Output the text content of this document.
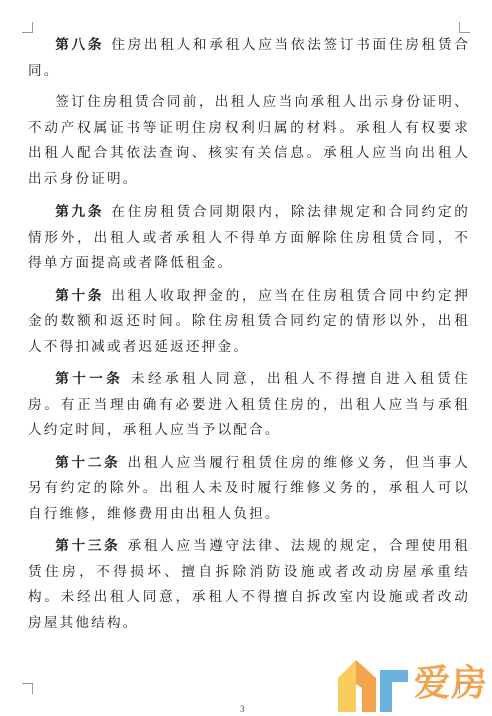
第八条 住房出租人和承租人应当依法签订书面住房租赁合同。

签订住房租赁合同前，出租人应当向承租人出示身份证明、不动产权属证书等证明住房权利归属的材料。承租人有权要求出租人配合其依法查询、核实有关信息。承租人应当向出租人出示身份证明。

第九条 在住房租赁合同期限内，除法律规定和合同约定的情形外，出租人或者承租人不得单方面解除住房租赁合同，不得单方面提高或者降低租金。

第十条 出租人收取押金的，应当在住房租赁合同中约定押金的数额和返还时间。除住房租赁合同约定的情形以外，出租人不得扣减或者迟延返还押金。

第十一条 未经承租人同意，出租人不得擅自进入租赁住房。有正当理由确有必要进入租赁住房的，出租人应当与承租人约定时间，承租人应当予以配合。

第十二条 出租人应当履行租赁住房的维修义务，但当事人另有约定的除外。出租人未及时履行维修义务的，承租人可以自行维修，维修费用由出租人负担。

第十三条 承租人应当遵守法律、法规的规定，合理使用租赁住房，不得损坏、擅自拆除消防设施或者改动房屋承重结构。未经出租人同意，承租人不得擅自拆改室内设施或者改动房屋其他结构。

3
爱房
